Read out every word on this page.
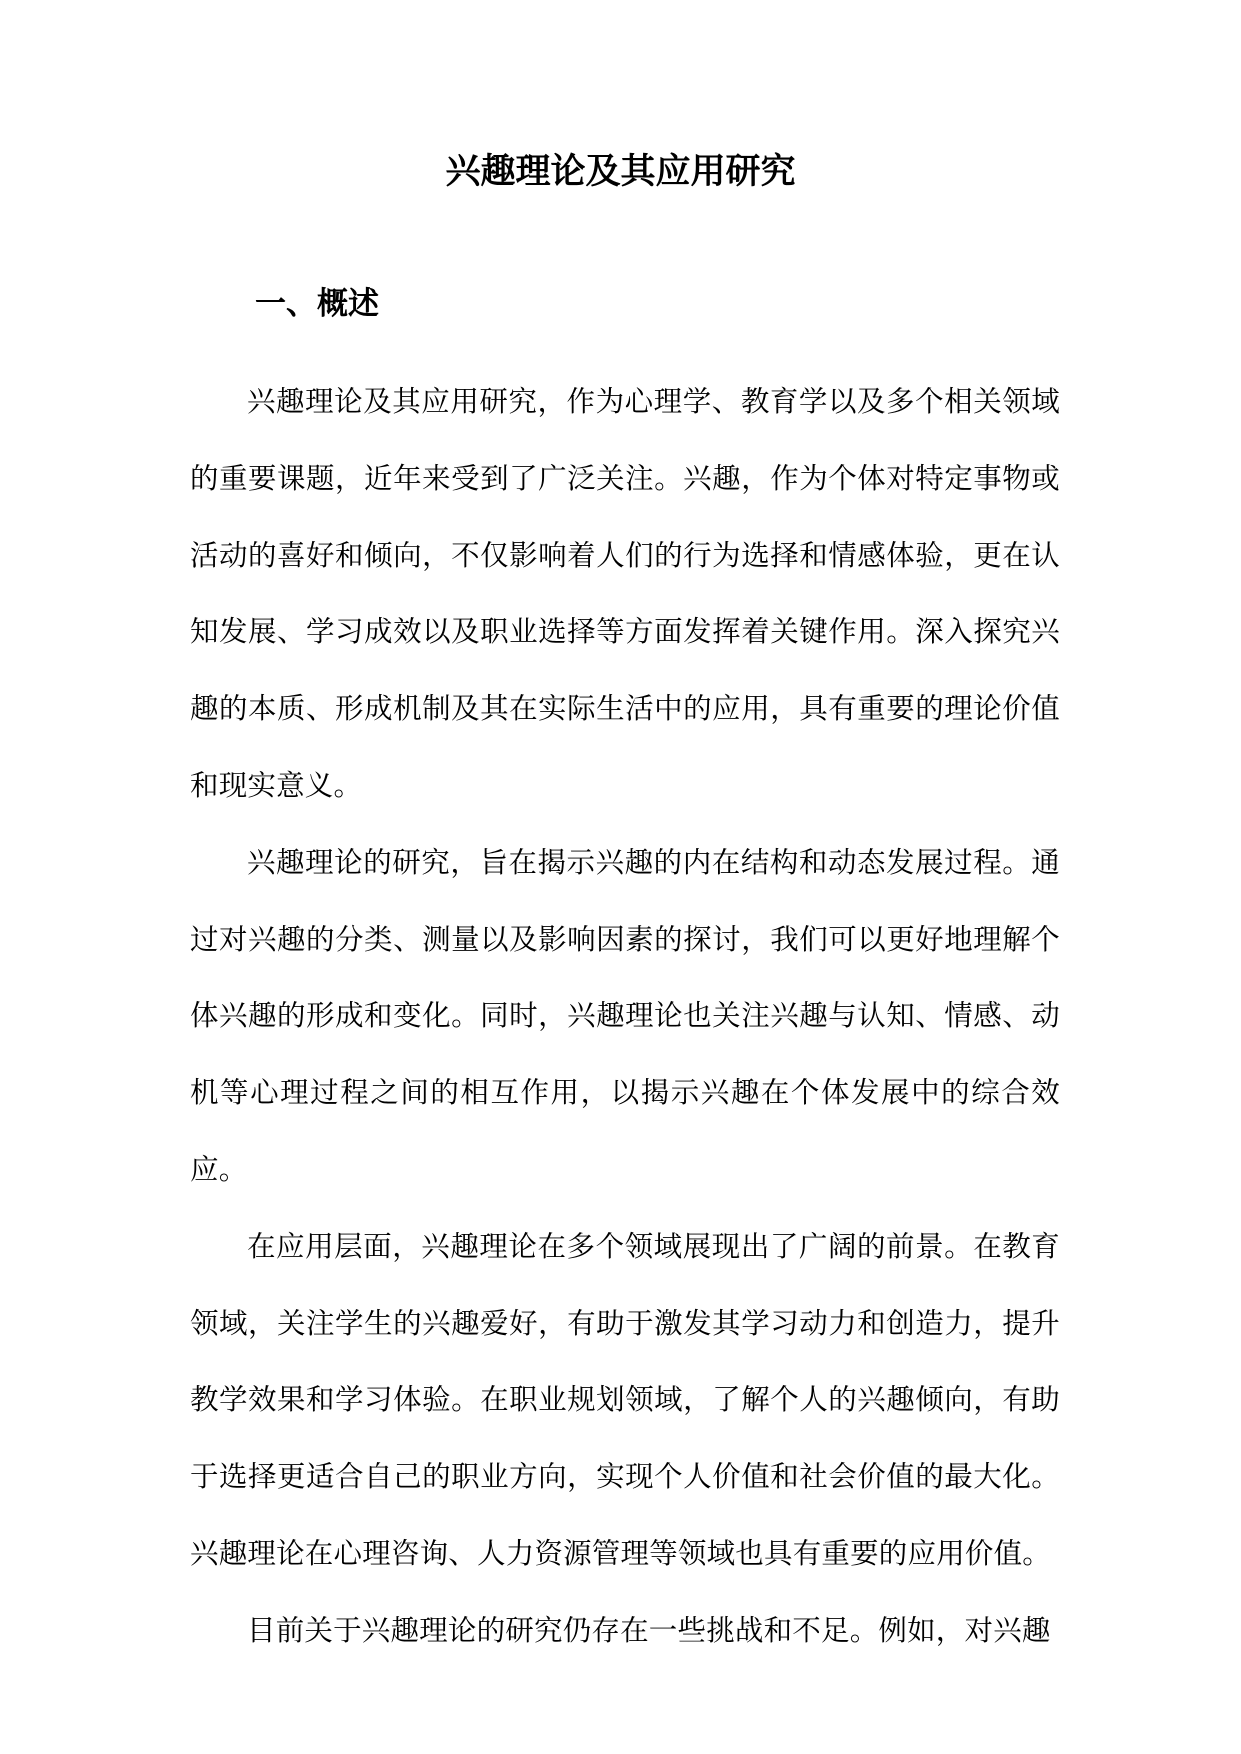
兴趣理论及其应用研究
一、概述

兴趣理论及其应用研究，作为心理学、教育学以及多个相关领域的重要课题，近年来受到了广泛关注。兴趣，作为个体对特定事物或活动的喜好和倾向，不仅影响着人们的行为选择和情感体验，更在认知发展、学习成效以及职业选择等方面发挥着关键作用。深入探究兴趣的本质、形成机制及其在实际生活中的应用，具有重要的理论价值和现实意义。

兴趣理论的研究，旨在揭示兴趣的内在结构和动态发展过程。通过对兴趣的分类、测量以及影响因素的探讨，我们可以更好地理解个体兴趣的形成和变化。同时，兴趣理论也关注兴趣与认知、情感、动机等心理过程之间的相互作用，以揭示兴趣在个体发展中的综合效应。

在应用层面，兴趣理论在多个领域展现出了广阔的前景。在教育领域，关注学生的兴趣爱好，有助于激发其学习动力和创造力，提升教学效果和学习体验。在职业规划领域，了解个人的兴趣倾向，有助于选择更适合自己的职业方向，实现个人价值和社会价值的最大化。兴趣理论在心理咨询、人力资源管理等领域也具有重要的应用价值。

目前关于兴趣理论的研究仍存在一些挑战和不足。例如，对兴趣
